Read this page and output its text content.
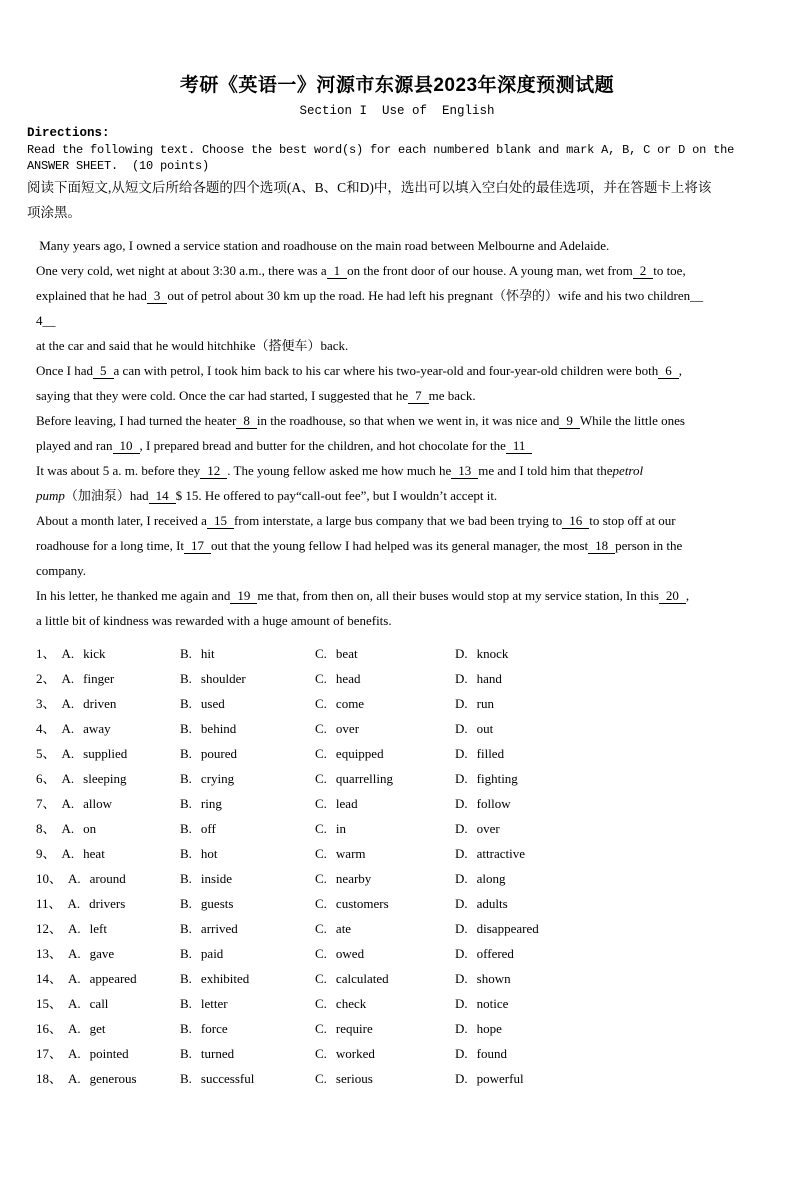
考研《英语一》河源市东源县2023年深度预测试题
Section I  Use of  English
Directions:
Read the following text. Choose the best word(s) for each numbered blank and mark A, B, C or D on the
ANSWER SHEET.  (10 points)
阅读下面短文,从短文后所给各题的四个选项(A、B、C和D)中，选出可以填入空白处的最佳选项，并在答题卡上将该
项涂黑。
Many years ago, I owned a service station and roadhouse on the main road between Melbourne and Adelaide.
One very cold, wet night at about 3:30 a.m., there was a 1 on the front door of our house. A young man, wet from 2 to toe,
explained that he had 3 out of petrol about 30 km up the road. He had left his pregnant（怀孕的）wife and his two children__
4__
at the car and said that he would hitchhike（搭便车）back.
Once I had 5 a can with petrol, I took him back to his car where his two-year-old and four-year-old children were both 6 ,
saying that they were cold. Once the car had started, I suggested that he 7 me back.
Before leaving, I had turned the heater 8 in the roadhouse, so that when we went in, it was nice and 9 While the little ones
played and ran 10 , I prepared bread and butter for the children, and hot chocolate for the 11
It was about 5 a. m. before they 12 . The young fellow asked me how much he 13 me and I told him that thepetrol
pump（加油泵）had 14 $ 15. He offered to pay“call-out fee”, but I wouldn’t accept it.
About a month later, I received a 15 from interstate, a large bus company that we bad been trying to 16 to stop off at our
roadhouse for a long time, It 17 out that the young fellow I had helped was its general manager, the most 18 person in the
company.
In his letter, he thanked me again and 19 me that, from then on, all their buses would stop at my service station, In this 20 ,
a little bit of kindness was rewarded with a huge amount of benefits.
1、 A. kick	B. hit	C. beat	D. knock
2、 A. finger	B. shoulder	C. head	D. hand
3、 A. driven	B. used	C. come	D. run
4、 A. away	B. behind	C. over	D. out
5、 A. supplied	B. poured	C. equipped	D. filled
6、 A. sleeping	B. crying	C. quarrelling	D. fighting
7、 A. allow	B. ring	C. lead	D. follow
8、 A. on	B. off	C. in	D. over
9、 A. heat	B. hot	C. warm	D. attractive
10、 A. around	B. inside	C. nearby	D. along
11、 A. drivers	B. guests	C. customers	D. adults
12、 A. left	B. arrived	C. ate	D. disappeared
13、 A. gave	B. paid	C. owed	D. offered
14、 A. appeared	B. exhibited	C. calculated	D. shown
15、 A. call	B. letter	C. check	D. notice
16、 A. get	B. force	C. require	D. hope
17、 A. pointed	B. turned	C. worked	D. found
18、 A. generous	B. successful	C. serious	D. powerful
